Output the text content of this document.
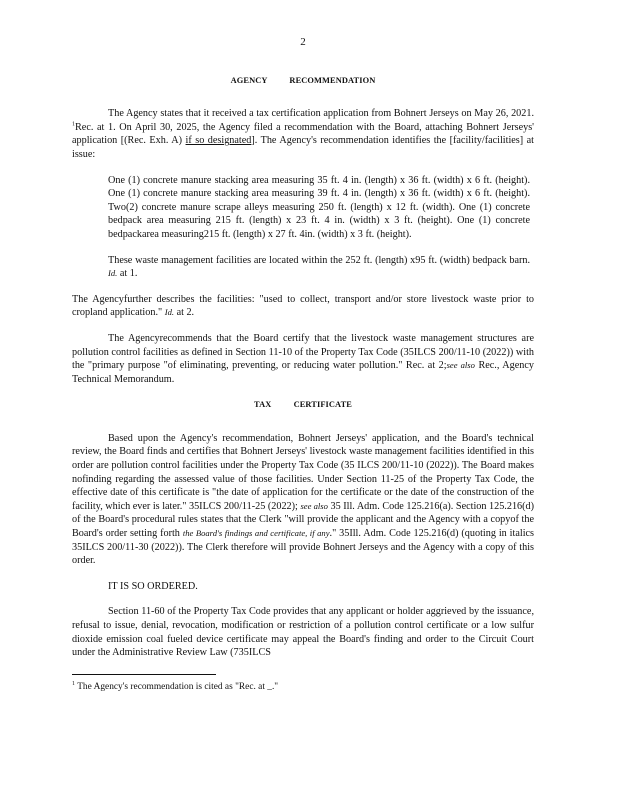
2
AGENCY RECOMMENDATION

The Agency states that it received a tax certification application from Bohnert Jerseys on May 26, 2021. $^1$Rec. at 1. On April 30, 2025, the Agency filed a recommendation with the Board, attaching Bohnert Jerseys' application [(Rec. Exh. A) if so designated]. The Agency's recommendation identifies the [facility/facilities] at issue:

One (1) concrete manure stacking area measuring 35 ft. 4 in. (length) x 36 ft. (width) x 6 ft. (height). One (1) concrete manure stacking area measuring 39 ft. 4 in. (length) x 36 ft. (width) x 6 ft. (height). Two(2) concrete manure scrape alleys measuring 250 ft. (length) x 12 ft. (width). One (1) concrete bedpack area measuring 215 ft. (length) x 23 ft. 4 in. (width) x 3 ft. (height). One (1) concrete bedpackarea measuring215 ft. (length) x 27 ft. 4in. (width) x 3 ft. (height).

These waste management facilities are located within the 252 ft. (length) x95 ft. (width) bedpack barn. Id. at 1.

The Agencyfurther describes the facilities: "used to collect, transport and/or store livestock waste prior to cropland application." Id. at 2.

The Agencyrecommends that the Board certify that the livestock waste management structures are pollution control facilities as defined in Section 11-10 of the Property Tax Code (35ILCS 200/11-10 (2022)) with the "primary purpose "of eliminating, preventing, or reducing water pollution." Rec. at 2;see also Rec., Agency Technical Memorandum.

TAX CERTIFICATE

Based upon the Agency's recommendation, Bohnert Jerseys' application, and the Board's technical review, the Board finds and certifies that Bohnert Jerseys' livestock waste management facilities identified in this order are pollution control facilities under the Property Tax Code (35 ILCS 200/11-10 (2022)). The Board makes nofinding regarding the assessed value of those facilities. Under Section 11-25 of the Property Tax Code, the effective date of this certificate is "the date of application for the certificate or the date of the construction of the facility, which ever is later." 35ILCS 200/11-25 (2022); see also 35 Ill. Adm. Code 125.216(a). Section 125.216(d) of the Board's procedural rules states that the Clerk "will provide the applicant and the Agency with a copyof the Board's order setting forth the Board's findings and certificate, if any." 35Ill. Adm. Code 125.216(d) (quoting in italics 35ILCS 200/11-30 (2022)). The Clerk therefore will provide Bohnert Jerseys and the Agency with a copy of this order.

IT IS SO ORDERED.

Section 11-60 of the Property Tax Code provides that any applicant or holder aggrieved by the issuance, refusal to issue, denial, revocation, modification or restriction of a pollution control certificate or a low sulfur dioxide emission coal fueled device certificate may appeal the Board's finding and order to the Circuit Court under the Administrative Review Law (735ILCS

$^1$ The Agency's recommendation is cited as "Rec. at _."
